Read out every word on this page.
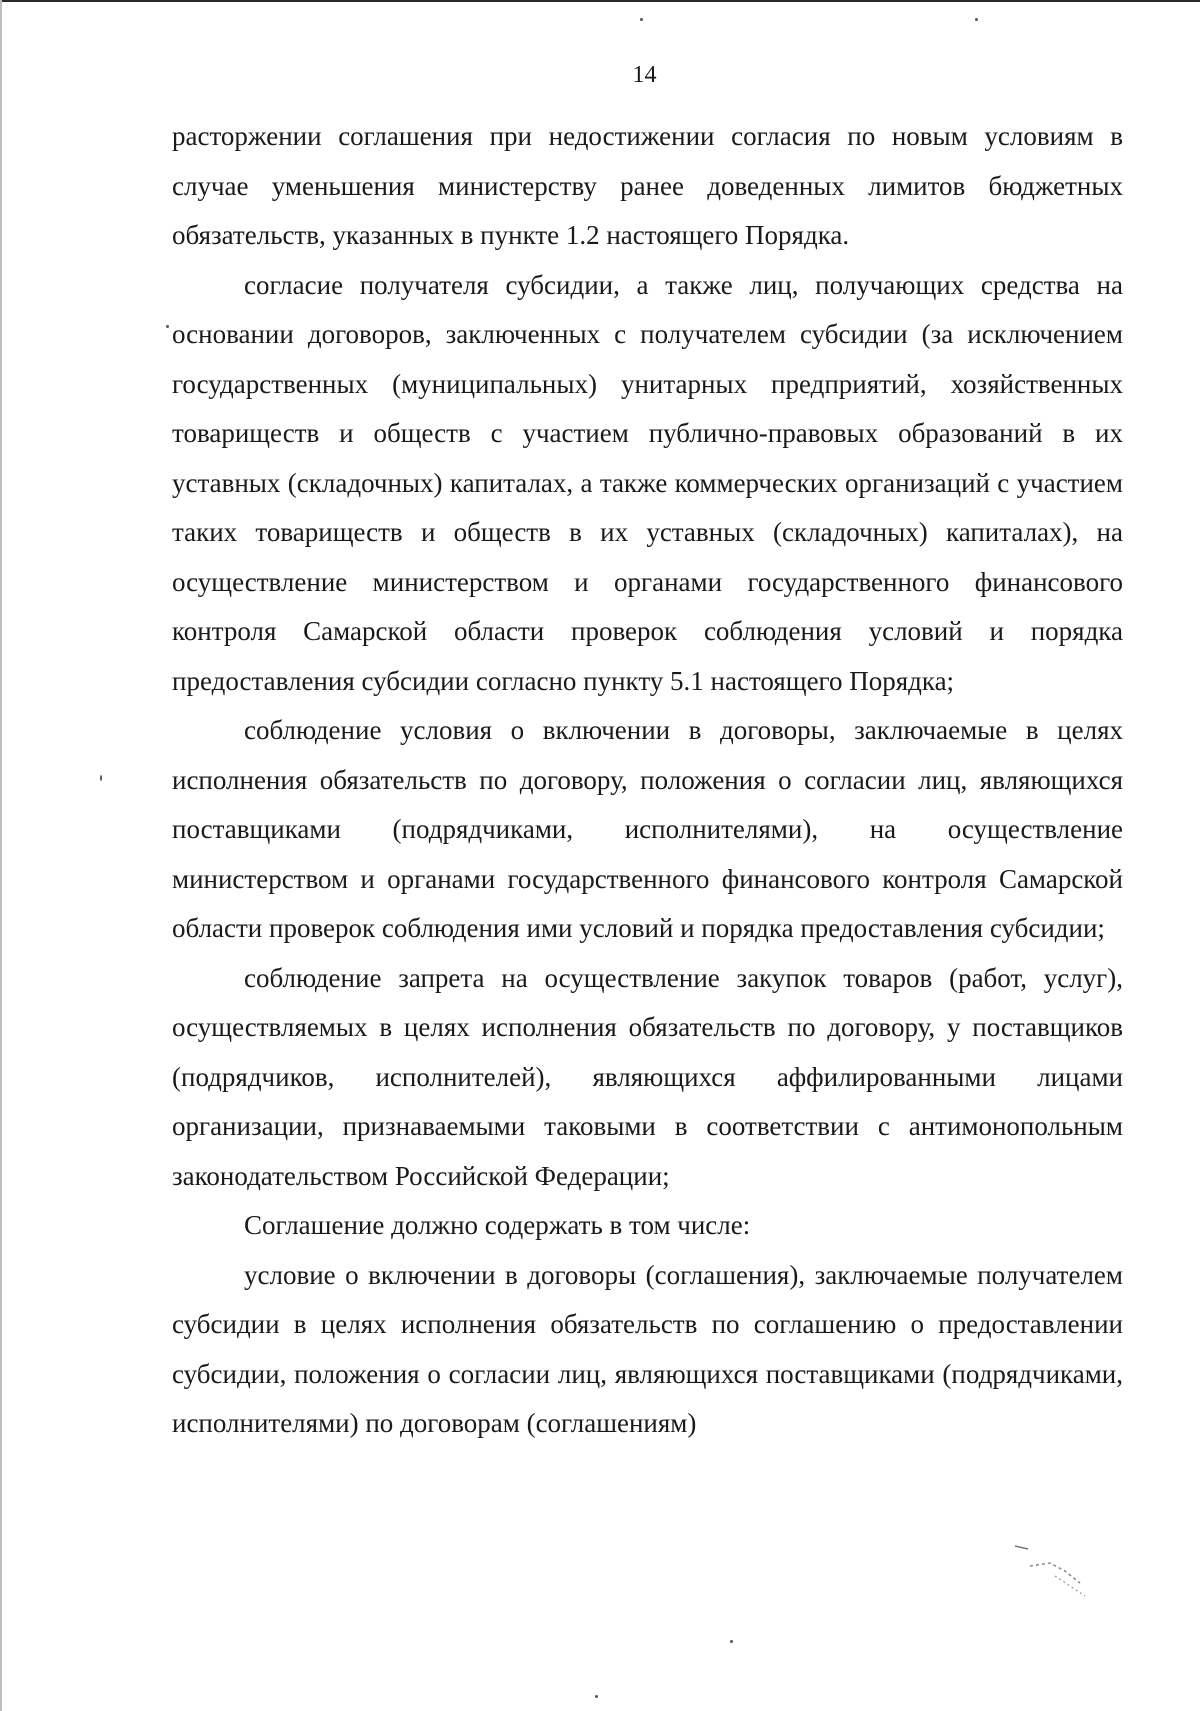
14

расторжении соглашения при недостижении согласия по новым условиям в случае уменьшения министерству ранее доведенных лимитов бюджетных обязательств, указанных в пункте 1.2 настоящего Порядка.

согласие получателя субсидии, а также лиц, получающих средства на основании договоров, заключенных с получателем субсидии (за исключением государственных (муниципальных) унитарных предприятий, хозяйственных товариществ и обществ с участием публично-правовых образований в их уставных (складочных) капиталах, а также коммерческих организаций с участием таких товариществ и обществ в их уставных (складочных) капиталах), на осуществление министерством и органами государственного финансового контроля Самарской области проверок соблюдения условий и порядка предоставления субсидии согласно пункту 5.1 настоящего Порядка;

соблюдение условия о включении в договоры, заключаемые в целях исполнения обязательств по договору, положения о согласии лиц, являющихся поставщиками (подрядчиками, исполнителями), на осуществление министерством и органами государственного финансового контроля Самарской области проверок соблюдения ими условий и порядка предоставления субсидии;

соблюдение запрета на осуществление закупок товаров (работ, услуг), осуществляемых в целях исполнения обязательств по договору, у поставщиков (подрядчиков, исполнителей), являющихся аффилированными лицами организации, признаваемыми таковыми в соответствии с антимонопольным законодательством Российской Федерации;

Соглашение должно содержать в том числе:

условие о включении в договоры (соглашения), заключаемые получателем субсидии в целях исполнения обязательств по соглашению о предоставлении субсидии, положения о согласии лиц, являющихся поставщиками (подрядчиками, исполнителями) по договорам (соглашениям)
